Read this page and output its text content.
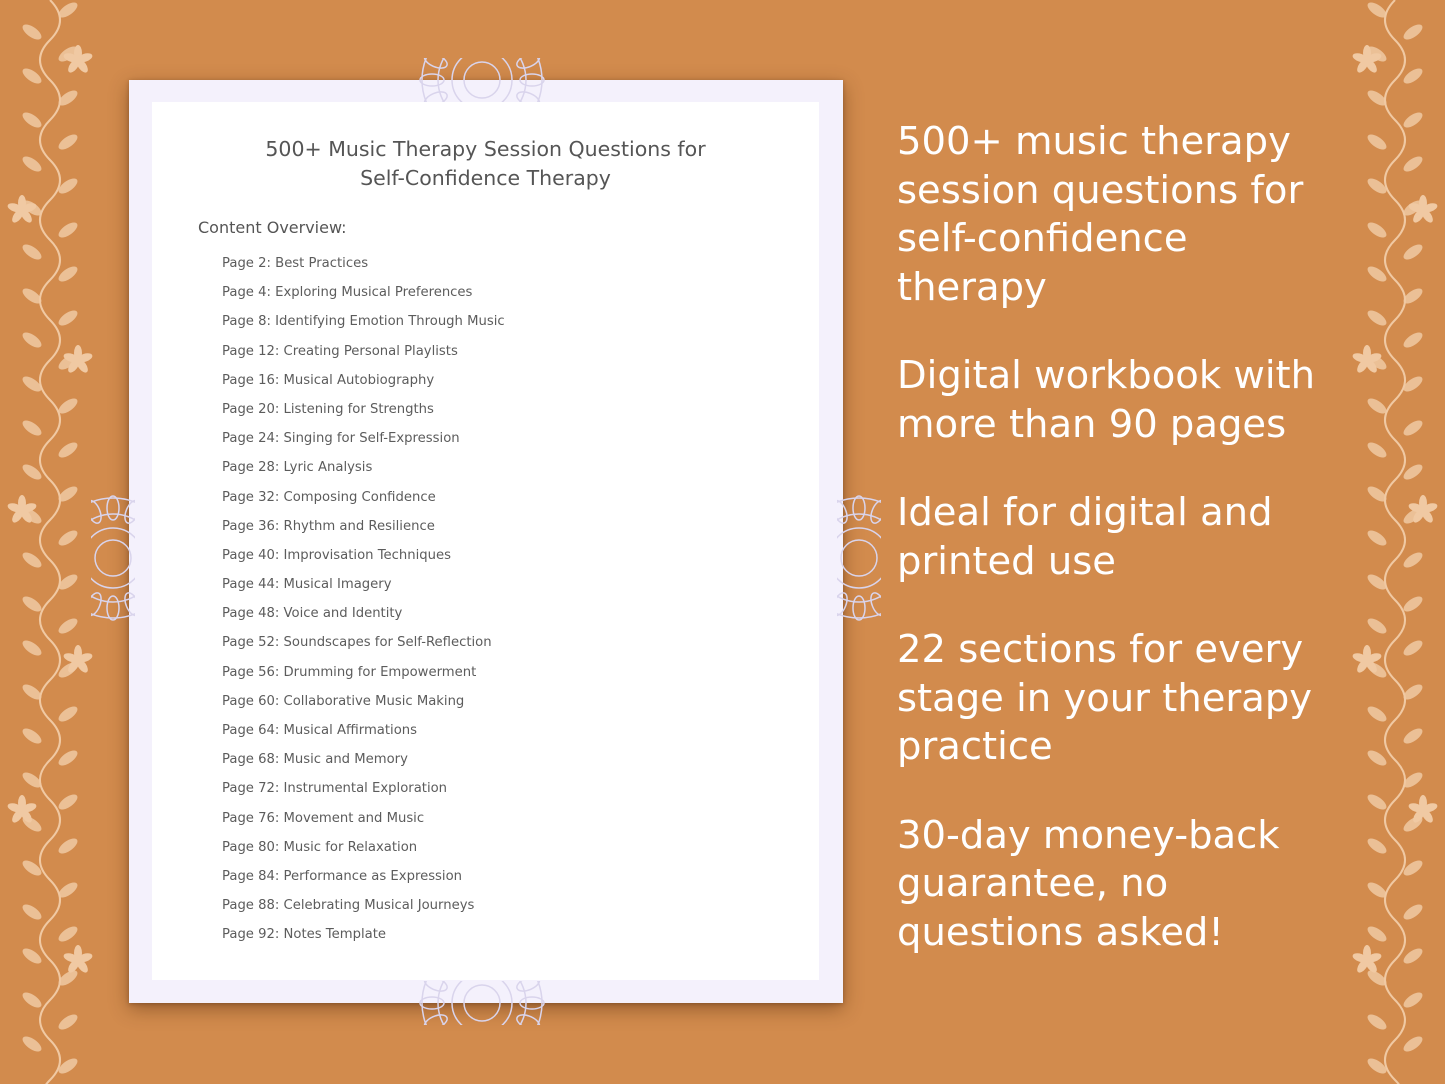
500+ Music Therapy Session Questions for
Self-Confidence Therapy
Content Overview:
Page 2: Best Practices
Page 4: Exploring Musical Preferences
Page 8: Identifying Emotion Through Music
Page 12: Creating Personal Playlists
Page 16: Musical Autobiography
Page 20: Listening for Strengths
Page 24: Singing for Self-Expression
Page 28: Lyric Analysis
Page 32: Composing Confidence
Page 36: Rhythm and Resilience
Page 40: Improvisation Techniques
Page 44: Musical Imagery
Page 48: Voice and Identity
Page 52: Soundscapes for Self-Reflection
Page 56: Drumming for Empowerment
Page 60: Collaborative Music Making
Page 64: Musical Affirmations
Page 68: Music and Memory
Page 72: Instrumental Exploration
Page 76: Movement and Music
Page 80: Music for Relaxation
Page 84: Performance as Expression
Page 88: Celebrating Musical Journeys
Page 92: Notes Template

500+ music therapy
session questions for
self-confidence
therapy

Digital workbook with
more than 90 pages

Ideal for digital and
printed use

22 sections for every
stage in your therapy
practice

30-day money-back
guarantee, no
questions asked!
